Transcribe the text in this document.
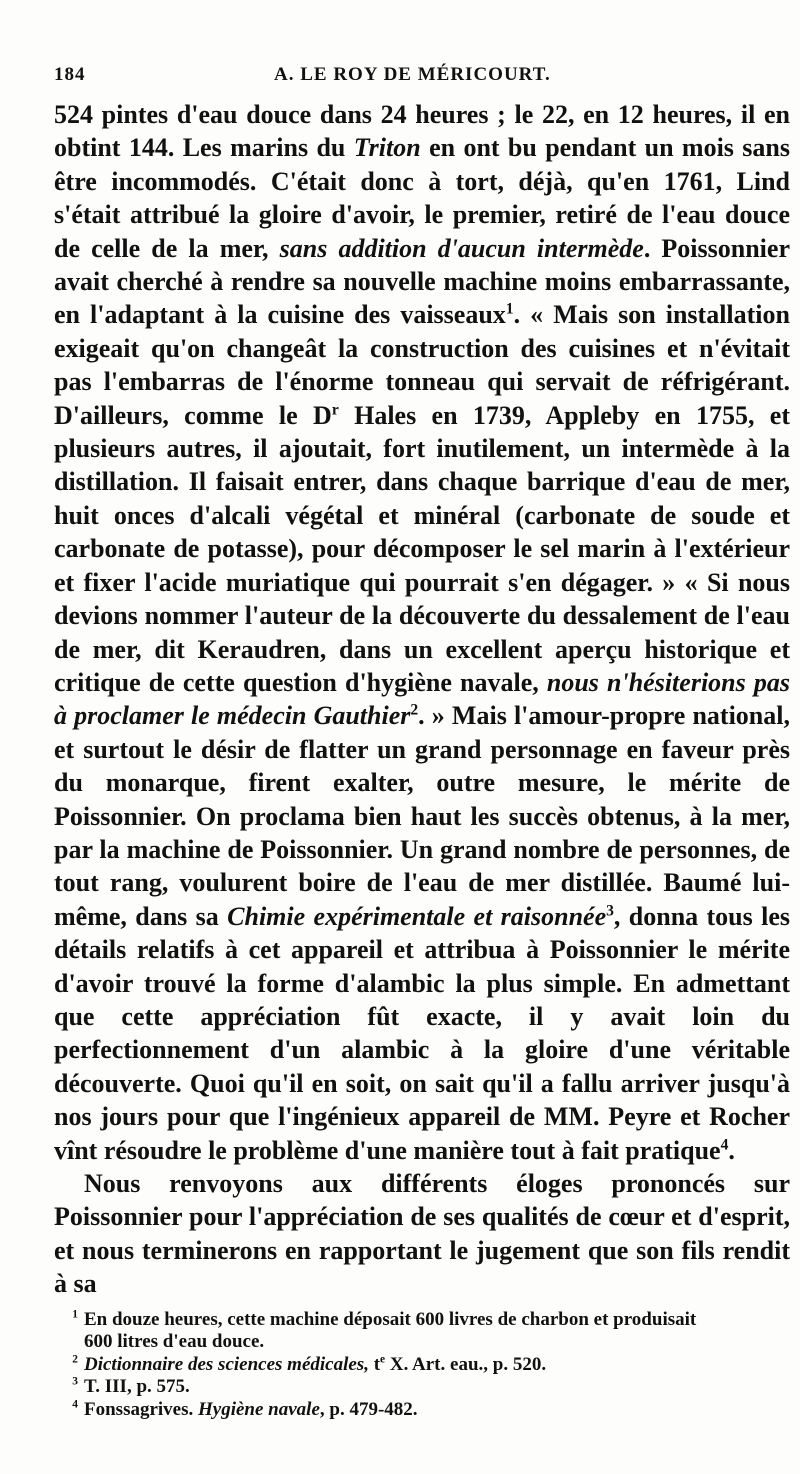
184	A. LE ROY DE MÉRICOURT.

524 pintes d'eau douce dans 24 heures ; le 22, en 12 heures, il en obtint 144. Les marins du Triton en ont bu pendant un mois sans être incommodés. C'était donc à tort, déjà, qu'en 1761, Lind s'était attribué la gloire d'avoir, le premier, retiré de l'eau douce de celle de la mer, sans addition d'aucun intermède. Poissonnier avait cherché à rendre sa nouvelle machine moins embarrassante, en l'adaptant à la cuisine des vaisseaux$^1$. « Mais son installation exigeait qu'on changeât la construction des cuisines et n'évitait pas l'embarras de l'énorme tonneau qui servait de réfrigérant. D'ailleurs, comme le $D^r$ Hales en 1739, Appleby en 1755, et plusieurs autres, il ajoutait, fort inutilement, un intermède à la distillation. Il faisait entrer, dans chaque barrique d'eau de mer, huit onces d'alcali végétal et minéral (carbonate de soude et carbonate de potasse), pour décomposer le sel marin à l'extérieur et fixer l'acide muriatique qui pourrait s'en dégager. » « Si nous devions nommer l'auteur de la découverte du dessalement de l'eau de mer, dit Keraudren, dans un excellent aperçu historique et critique de cette question d'hygiène navale, nous n'hésiterions pas à proclamer le médecin Gauthier$^2$. » Mais l'amour-propre national, et surtout le désir de flatter un grand personnage en faveur près du monarque, firent exalter, outre mesure, le mérite de Poissonnier. On proclama bien haut les succès obtenus, à la mer, par la machine de Poissonnier. Un grand nombre de personnes, de tout rang, voulurent boire de l'eau de mer distillée. Baumé lui-même, dans sa Chimie expérimentale et raisonnée$^3$, donna tous les détails relatifs à cet appareil et attribua à Poissonnier le mérite d'avoir trouvé la forme d'alambic la plus simple. En admettant que cette appréciation fût exacte, il y avait loin du perfectionnement d'un alambic à la gloire d'une véritable découverte. Quoi qu'il en soit, on sait qu'il a fallu arriver jusqu'à nos jours pour que l'ingénieux appareil de MM. Peyre et Rocher vînt résoudre le problème d'une manière tout à fait pratique$^4$.

Nous renvoyons aux différents éloges prononcés sur Poissonnier pour l'appréciation de ses qualités de cœur et d'esprit, et nous terminerons en rapportant le jugement que son fils rendit à sa

$^1$ En douze heures, cette machine déposait 600 livres de charbon et produisait
600 litres d'eau douce.
$^2$ Dictionnaire des sciences médicales, $t^e$ X. Art. eau., p. 520.
$^3$ T. III, p. 575.
$^4$ Fonssagrives. Hygiène navale, p. 479-482.
